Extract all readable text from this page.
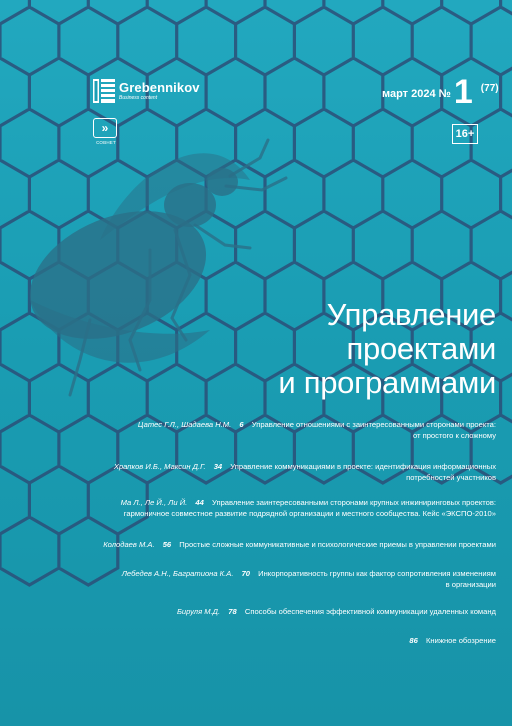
Grebennikov
Business content
»
СОВНЕТ
март 2024 № 1 (77)
16+
Управление
проектами
и программами
Цатес Г.Л., Шадаева Н.М. 6 Управление отношениями с заинтересованными сторонами проекта:
от простого к сложному
Храпков И.Б., Максин Д.Г. 34 Управление коммуникациями в проекте: идентификация информационных
потребностей участников
Ма Л., Ле Й., Ли Й. 44 Управление заинтересованными сторонами крупных инжиниринговых проектов:
гармоничное совместное развитие подрядной организации и местного сообщества. Кейс «ЭКСПО-2010»
Колодаев М.А. 56 Простые сложные коммуникативные и психологические приемы в управлении проектами
Лебедев А.Н., Багратиона К.А. 70 Инкорпоративность группы как фактор сопротивления изменениям
в организации
Бируля М.Д. 78 Способы обеспечения эффективной коммуникации удаленных команд
86 Книжное обозрение
